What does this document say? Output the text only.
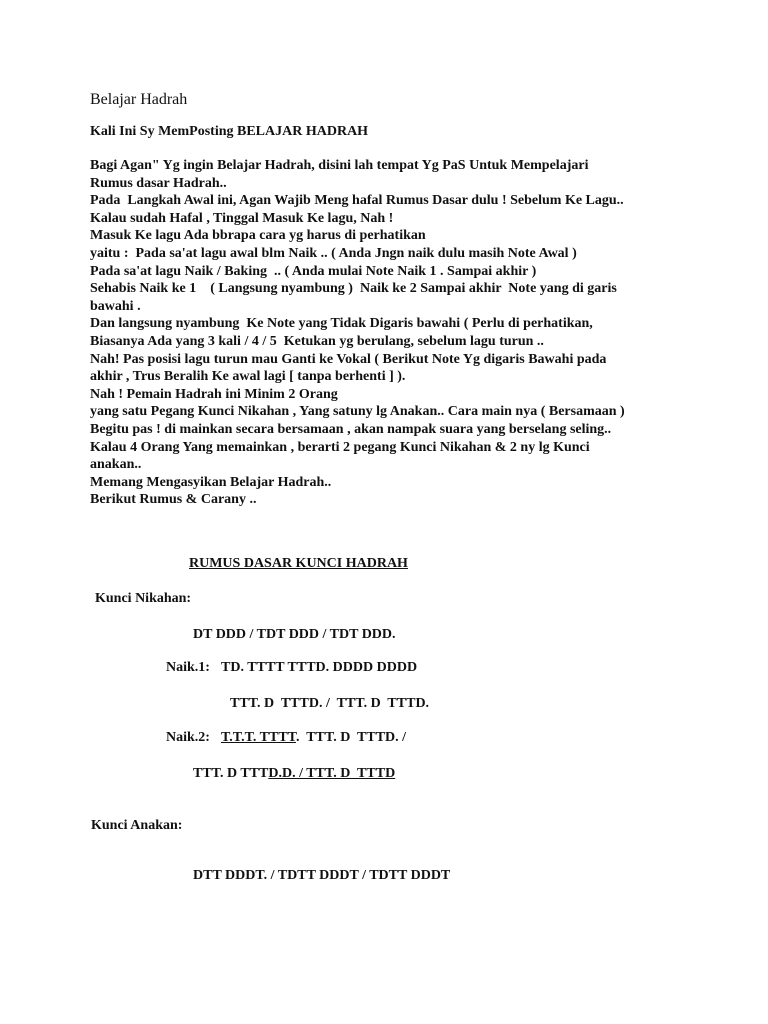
Belajar Hadrah
Kali Ini Sy MemPosting BELAJAR HADRAH
Bagi Agan" Yg ingin Belajar Hadrah, disini lah tempat Yg PaS Untuk Mempelajari
Rumus dasar Hadrah..
Pada  Langkah Awal ini, Agan Wajib Meng hafal Rumus Dasar dulu ! Sebelum Ke Lagu..
Kalau sudah Hafal , Tinggal Masuk Ke lagu, Nah !
Masuk Ke lagu Ada bbrapa cara yg harus di perhatikan
yaitu :  Pada sa'at lagu awal blm Naik .. ( Anda Jngn naik dulu masih Note Awal )
Pada sa'at lagu Naik / Baking  .. ( Anda mulai Note Naik 1 . Sampai akhir )
Sehabis Naik ke 1    ( Langsung nyambung )  Naik ke 2 Sampai akhir  Note yang di garis
bawahi .
Dan langsung nyambung  Ke Note yang Tidak Digaris bawahi ( Perlu di perhatikan,
Biasanya Ada yang 3 kali / 4 / 5  Ketukan yg berulang, sebelum lagu turun ..
Nah! Pas posisi lagu turun mau Ganti ke Vokal ( Berikut Note Yg digaris Bawahi pada
akhir , Trus Beralih Ke awal lagi [ tanpa berhenti ] ).
Nah ! Pemain Hadrah ini Minim 2 Orang
yang satu Pegang Kunci Nikahan , Yang satuny lg Anakan.. Cara main nya ( Bersamaan )
Begitu pas ! di mainkan secara bersamaan , akan nampak suara yang berselang seling..
Kalau 4 Orang Yang memainkan , berarti 2 pegang Kunci Nikahan & 2 ny lg Kunci
anakan..
Memang Mengasyikan Belajar Hadrah..
Berikut Rumus & Carany ..
RUMUS DASAR KUNCI HADRAH
Kunci Nikahan:
DT DDD / TDT DDD / TDT DDD.
Naik.1: TD. TTTT TTTD. DDDD DDDD
TTT. D  TTTD. /  TTT. D  TTTD.
Naik.2: T.T.T. TTTT.  TTT. D  TTTD. /
TTT. D TTTD.D. / TTT. D  TTTD
Kunci Anakan:
DTT DDDT. / TDTT DDDT / TDTT DDDT
